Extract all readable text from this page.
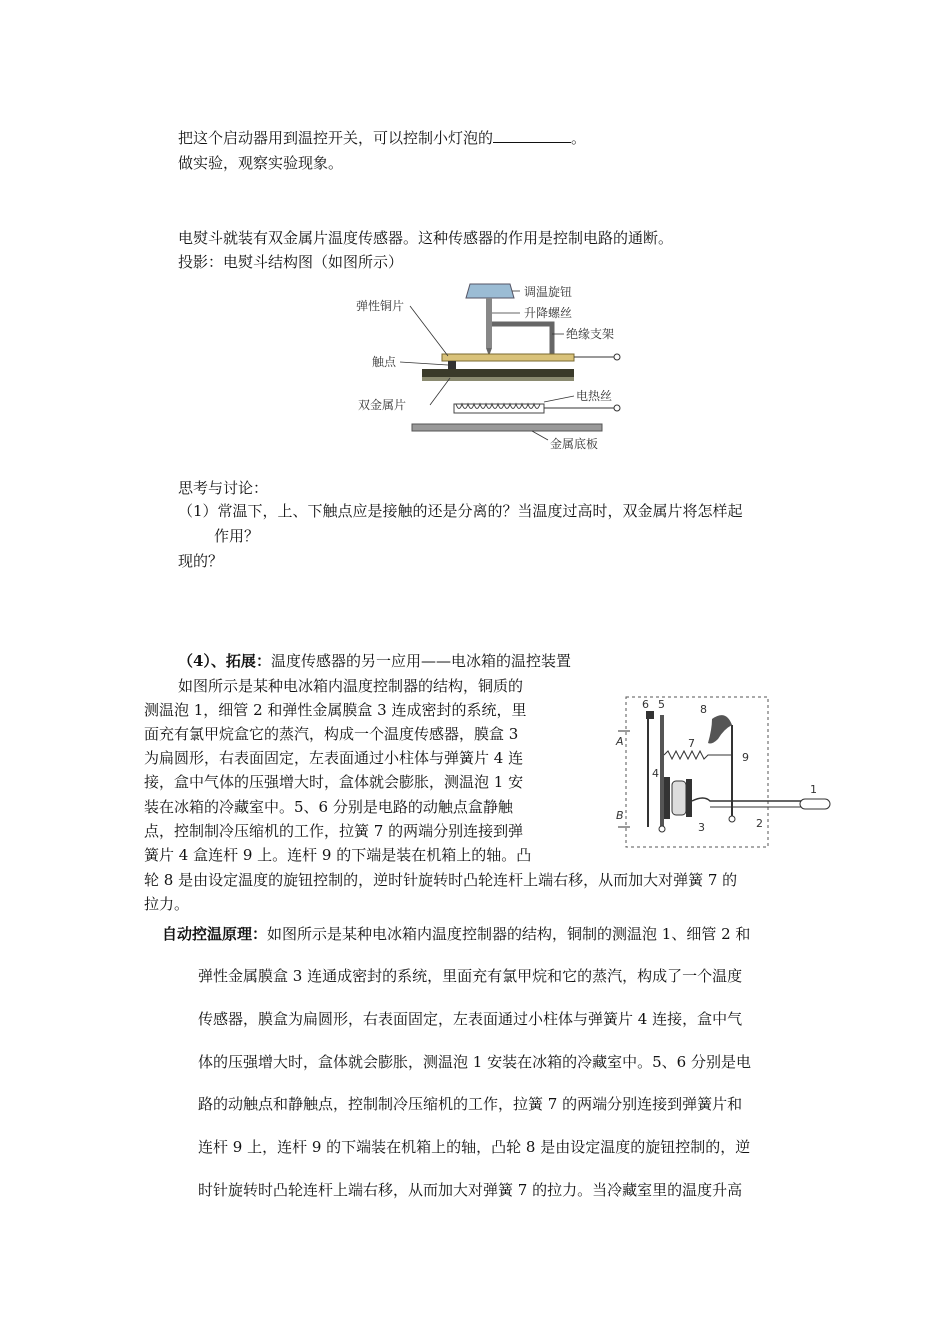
把这个启动器用到温控开关，可以控制小灯泡的	。
做实验，观察实验现象。
电熨斗就装有双金属片温度传感器。这种传感器的作用是控制电路的通断。
投影：电熨斗结构图（如图所示）
调温旋钮
升降螺丝
弹性铜片
绝缘支架
触点
双金属片
电热丝
金属底板
思考与讨论：
（1）常温下，上、下触点应是接触的还是分离的？当温度过高时，双金属片将怎样起
作用？
现的？
（4）、拓展：温度传感器的另一应用——电冰箱的温控装置
如图所示是某种电冰箱内温度控制器的结构，铜质的
测温泡 1，细管 2 和弹性金属膜盒 3 连成密封的系统，里
面充有氯甲烷盒它的蒸汽，构成一个温度传感器，膜盒 3
为扁圆形，右表面固定，左表面通过小柱体与弹簧片 4 连
接，盒中气体的压强增大时，盒体就会膨胀，测温泡 1 安
装在冰箱的冷藏室中。5、6 分别是电路的动触点盒静触
点，控制制冷压缩机的工作，拉簧 7 的两端分别连接到弹
簧片 4 盒连杆 9 上。连杆 9 的下端是装在机箱上的轴。凸
轮 8 是由设定温度的旋钮控制的，逆时针旋转时凸轮连杆上端右移，从而加大对弹簧 7 的
拉力。
6 5	8
7
9
4
3	2
1
A
B
自动控温原理：如图所示是某种电冰箱内温度控制器的结构，铜制的测温泡 1、细管 2 和
弹性金属膜盒 3 连通成密封的系统，里面充有氯甲烷和它的蒸汽，构成了一个温度
传感器，膜盒为扁圆形，右表面固定，左表面通过小柱体与弹簧片 4 连接，盒中气
体的压强增大时，盒体就会膨胀，测温泡 1 安装在冰箱的冷藏室中。5、6 分别是电
路的动触点和静触点，控制制冷压缩机的工作，拉簧 7 的两端分别连接到弹簧片和
连杆 9 上，连杆 9 的下端装在机箱上的轴，凸轮 8 是由设定温度的旋钮控制的，逆
时针旋转时凸轮连杆上端右移，从而加大对弹簧 7 的拉力。当冷藏室里的温度升高
